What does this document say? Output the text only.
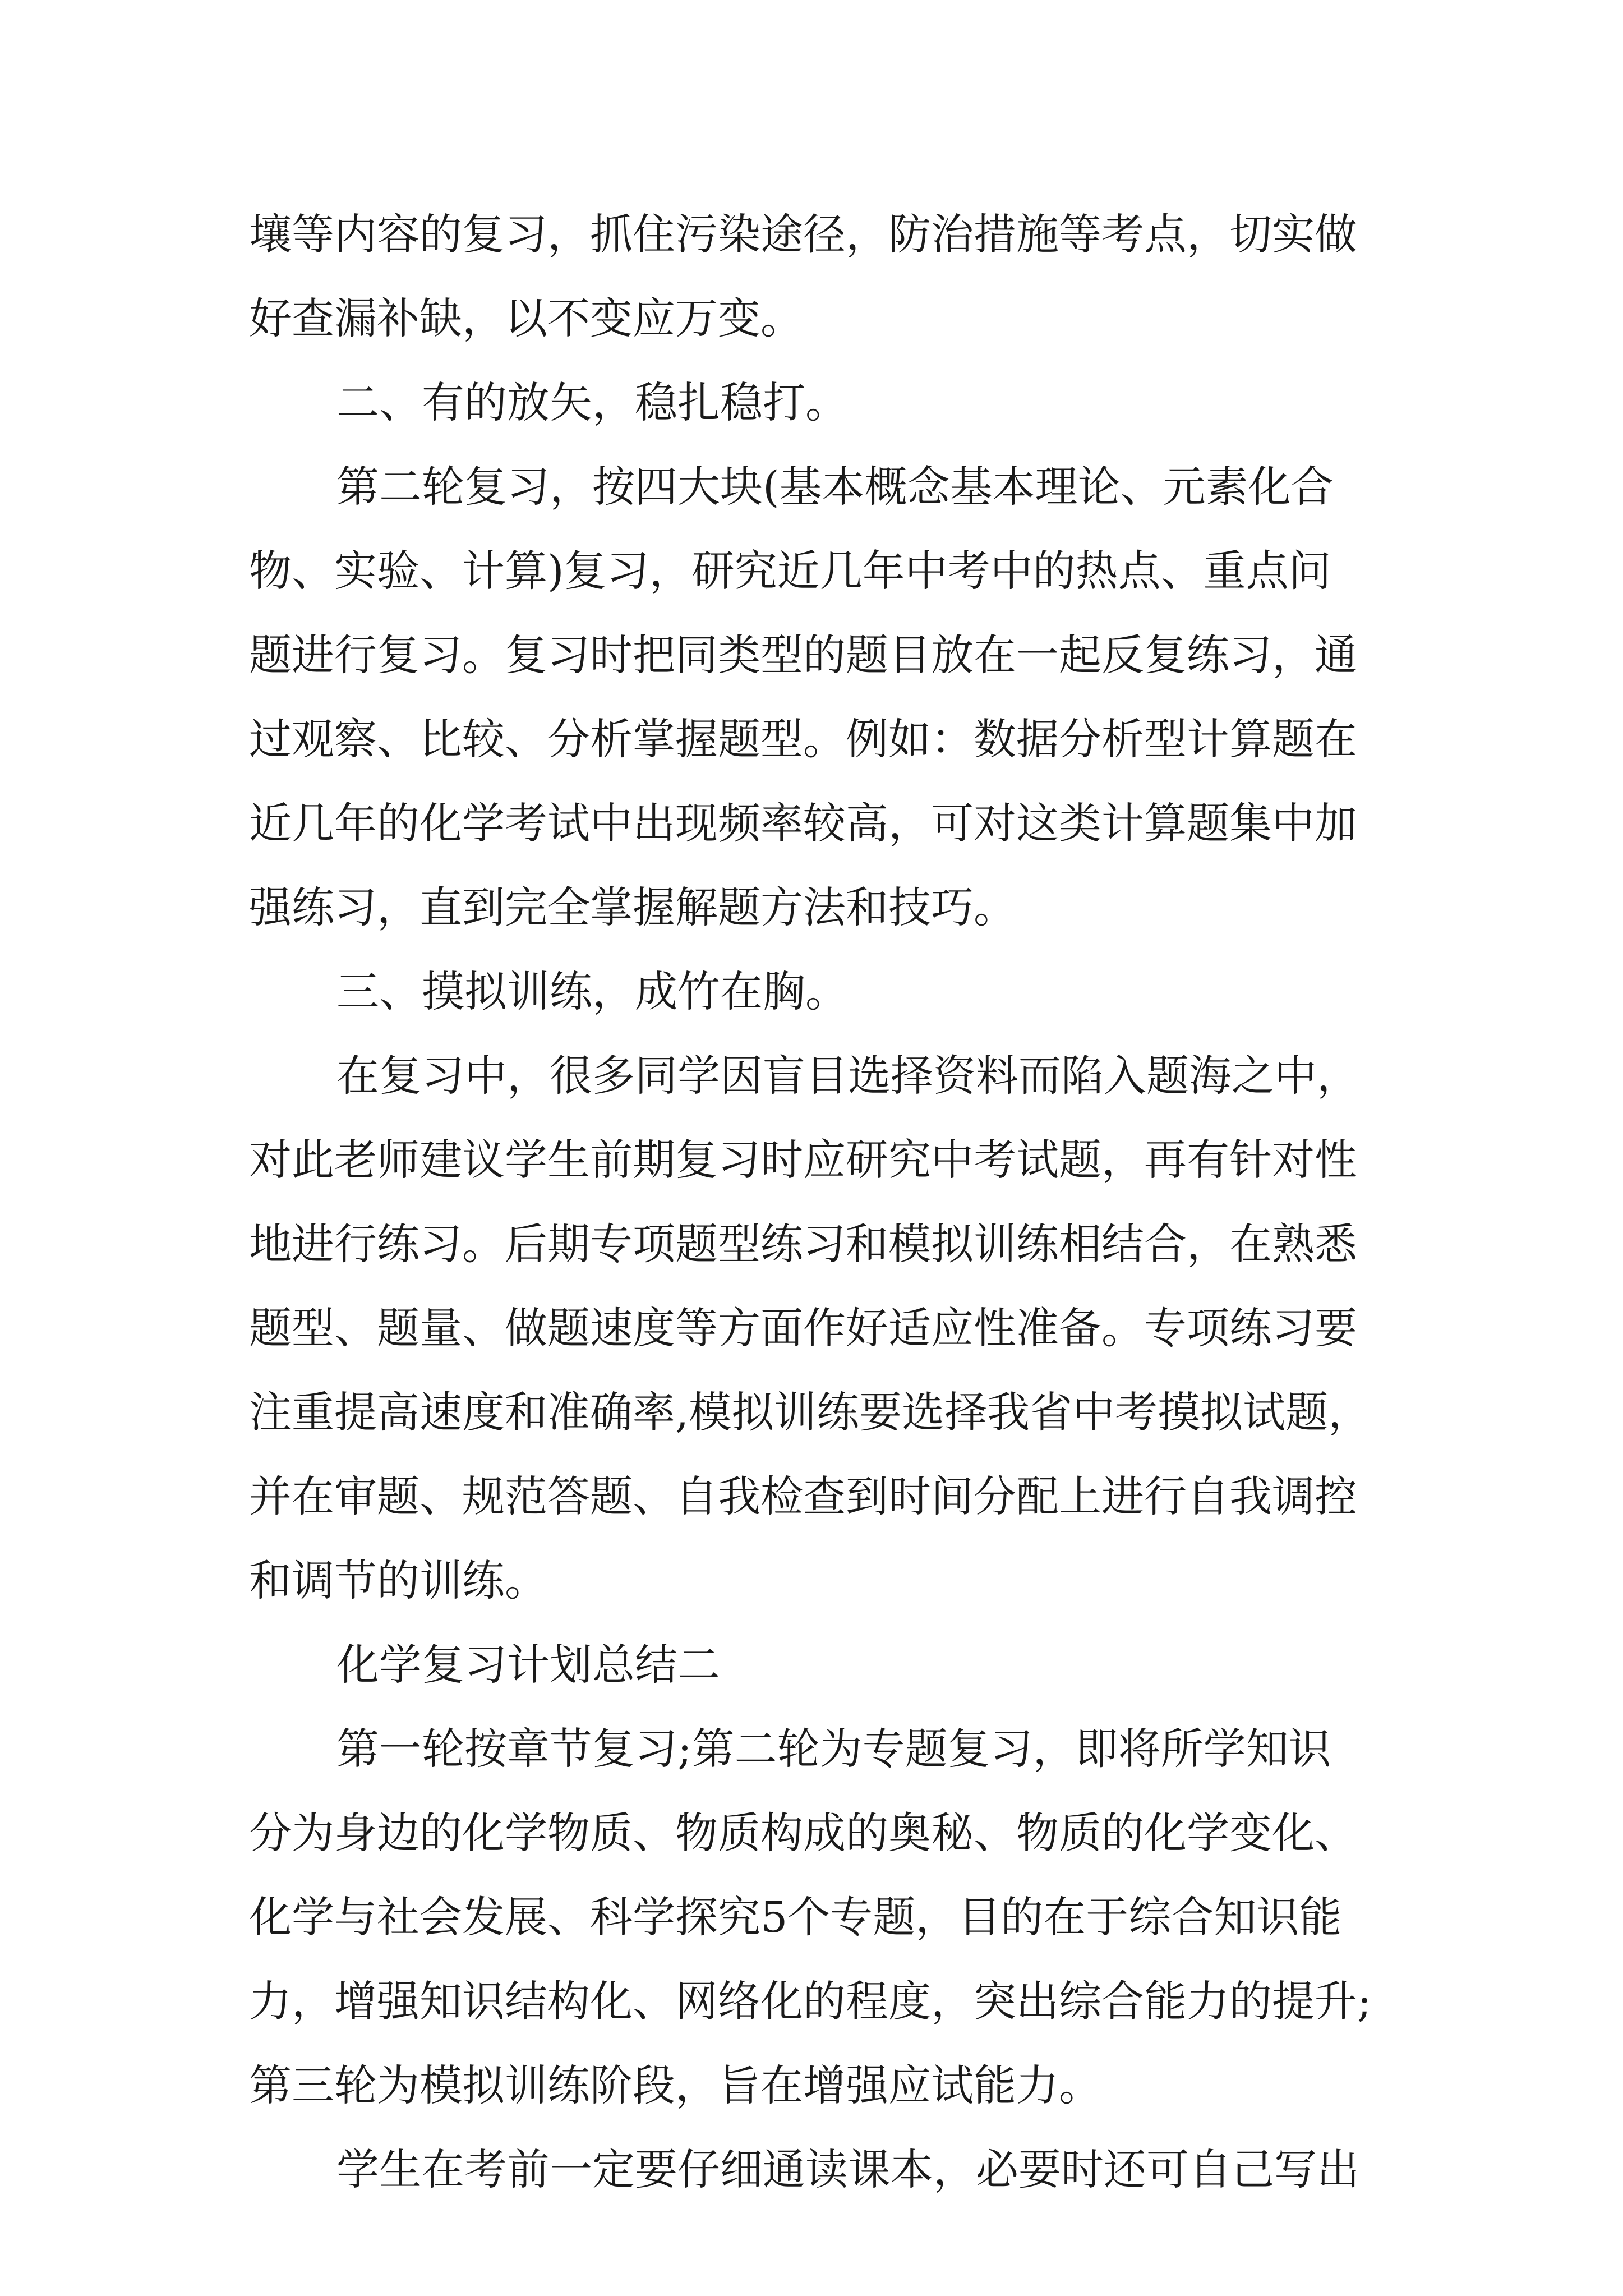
壤等内容的复习，抓住污染途径，防治措施等考点，切实做
好查漏补缺，以不变应万变。
二、有的放矢，稳扎稳打。
第二轮复习，按四大块(基本概念基本理论、元素化合
物、实验、计算)复习，研究近几年中考中的热点、重点问
题进行复习。复习时把同类型的题目放在一起反复练习，通
过观察、比较、分析掌握题型。例如：数据分析型计算题在
近几年的化学考试中出现频率较高，可对这类计算题集中加
强练习，直到完全掌握解题方法和技巧。
三、摸拟训练，成竹在胸。
在复习中，很多同学因盲目选择资料而陷入题海之中，
对此老师建议学生前期复习时应研究中考试题，再有针对性
地进行练习。后期专项题型练习和模拟训练相结合，在熟悉
题型、题量、做题速度等方面作好适应性准备。专项练习要
注重提高速度和准确率,模拟训练要选择我省中考摸拟试题，
并在审题、规范答题、自我检查到时间分配上进行自我调控
和调节的训练。
化学复习计划总结二
第一轮按章节复习;第二轮为专题复习，即将所学知识
分为身边的化学物质、物质构成的奥秘、物质的化学变化、
化学与社会发展、科学探究5个专题，目的在于综合知识能
力，增强知识结构化、网络化的程度，突出综合能力的提升;
第三轮为模拟训练阶段，旨在增强应试能力。
学生在考前一定要仔细通读课本，必要时还可自己写出
